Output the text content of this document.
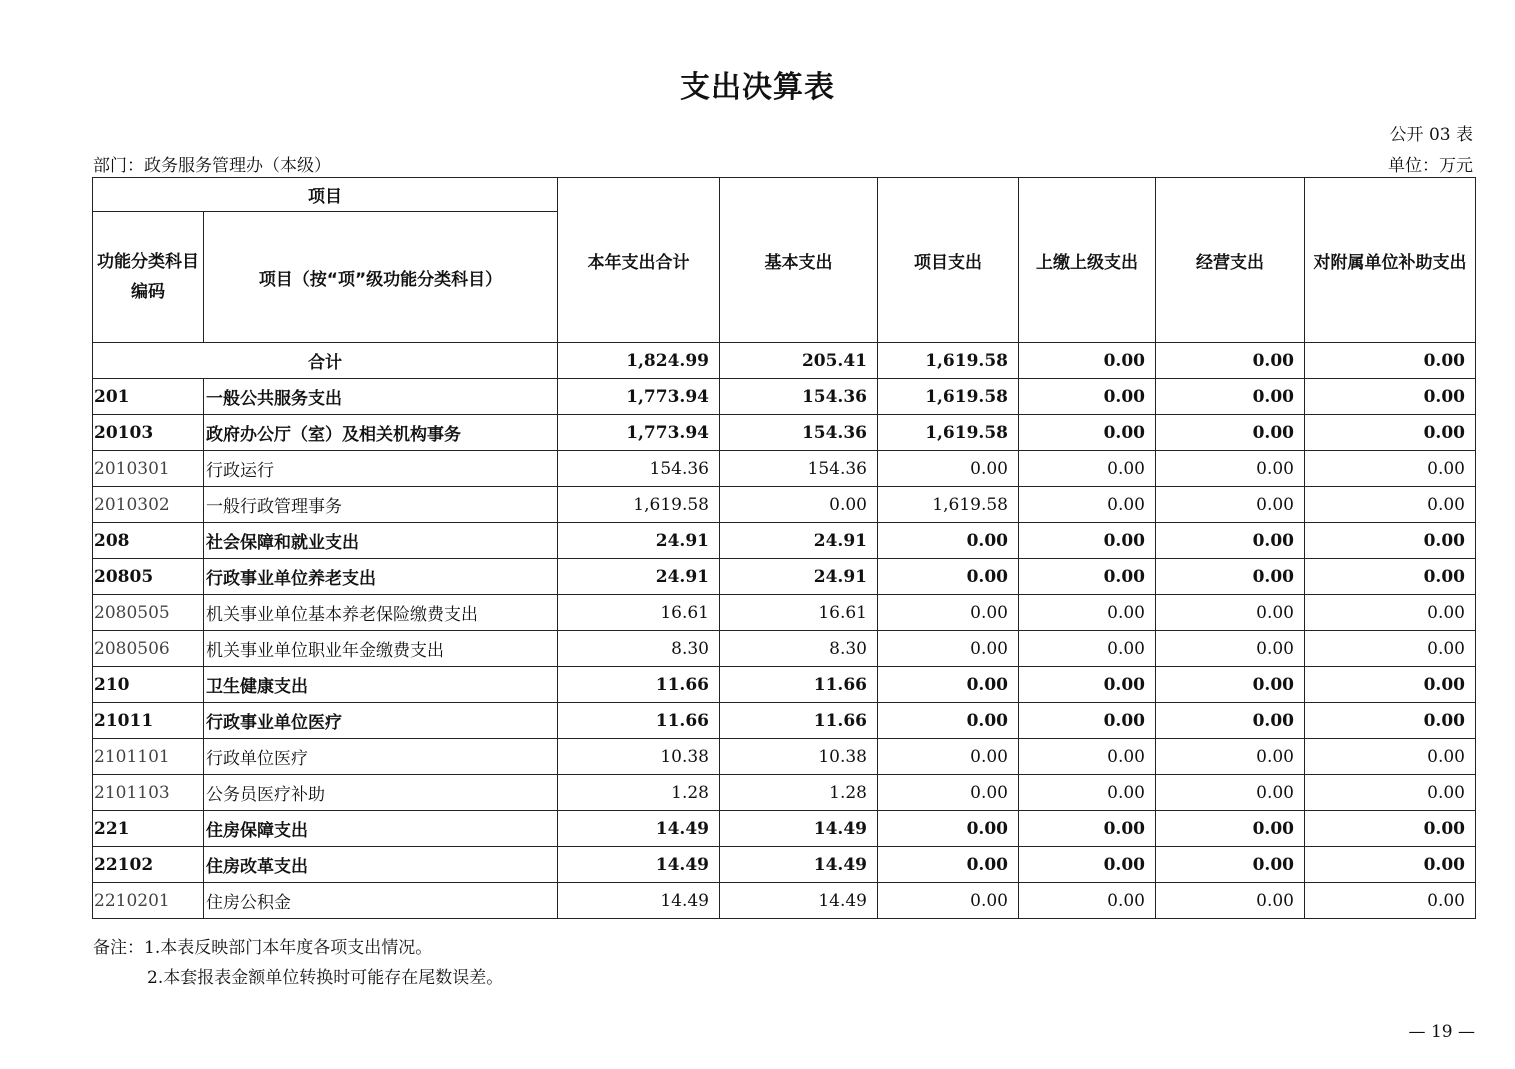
支出决算表
公开 03 表
部门：政务服务管理办（本级）	单位：万元
项目		本年支出合计	基本支出	项目支出	上缴上级支出	经营支出	对附属单位补助支出
功能分类科目编码	项目（按“项”级功能分类科目）						
合计		1,824.99	205.41	1,619.58	0.00	0.00	0.00
201	一般公共服务支出	1,773.94	154.36	1,619.58	0.00	0.00	0.00
20103	政府办公厅（室）及相关机构事务	1,773.94	154.36	1,619.58	0.00	0.00	0.00
2010301	行政运行	154.36	154.36	0.00	0.00	0.00	0.00
2010302	一般行政管理事务	1,619.58	0.00	1,619.58	0.00	0.00	0.00
208	社会保障和就业支出	24.91	24.91	0.00	0.00	0.00	0.00
20805	行政事业单位养老支出	24.91	24.91	0.00	0.00	0.00	0.00
2080505	机关事业单位基本养老保险缴费支出	16.61	16.61	0.00	0.00	0.00	0.00
2080506	机关事业单位职业年金缴费支出	8.30	8.30	0.00	0.00	0.00	0.00
210	卫生健康支出	11.66	11.66	0.00	0.00	0.00	0.00
21011	行政事业单位医疗	11.66	11.66	0.00	0.00	0.00	0.00
2101101	行政单位医疗	10.38	10.38	0.00	0.00	0.00	0.00
2101103	公务员医疗补助	1.28	1.28	0.00	0.00	0.00	0.00
221	住房保障支出	14.49	14.49	0.00	0.00	0.00	0.00
22102	住房改革支出	14.49	14.49	0.00	0.00	0.00	0.00
2210201	住房公积金	14.49	14.49	0.00	0.00	0.00	0.00
备注：1.本表反映部门本年度各项支出情况。
2.本套报表金额单位转换时可能存在尾数误差。
— 19 —
